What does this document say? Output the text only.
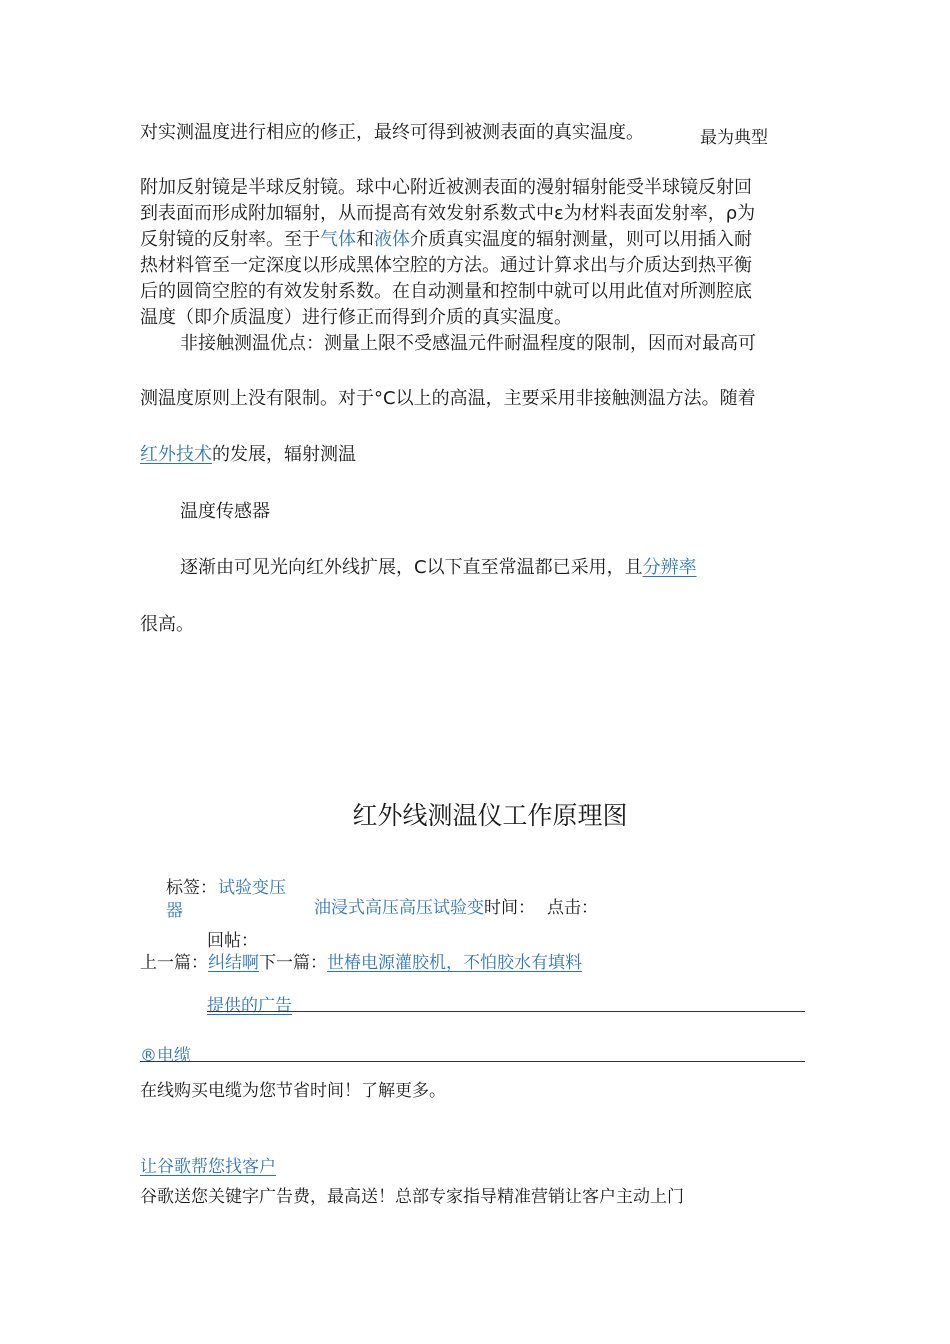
对实测温度进行相应的修正，最终可得到被测表面的真实温度。	最为典型

附加反射镜是半球反射镜。球中心附近被测表面的漫射辐射能受半球镜反射回

到表面而形成附加辐射，从而提高有效发射系数式中ɛ为材料表面发射率，ρ为

反射镜的反射率。至于气体和液体介质真实温度的辐射测量，则可以用插入耐

热材料管至一定深度以形成黑体空腔的方法。通过计算求出与介质达到热平衡

后的圆筒空腔的有效发射系数。在自动测量和控制中就可以用此值对所测腔底

温度（即介质温度）进行修正而得到介质的真实温度。

非接触测温优点：测量上限不受感温元件耐温程度的限制，因而对最高可

测温度原则上没有限制。对于°C以上的高温，主要采用非接触测温方法。随着
红外技术的发展，辐射测温
温度传感器
逐渐由可见光向红外线扩展，C以下直至常温都已采用，且分辨率
很高。
红外线测温仪工作原理图
标签： 试验变压
器	油浸式高压高压试验变时间： 点击：
回帖：
上一篇：纠结啊下一篇：世椿电源灌胶机，不怕胶水有填料
提供的广告
®电缆
在线购买电缆为您节省时间！了解更多。
让谷歌帮您找客户
谷歌送您关键字广告费，最高送！总部专家指导精准营销让客户主动上门
